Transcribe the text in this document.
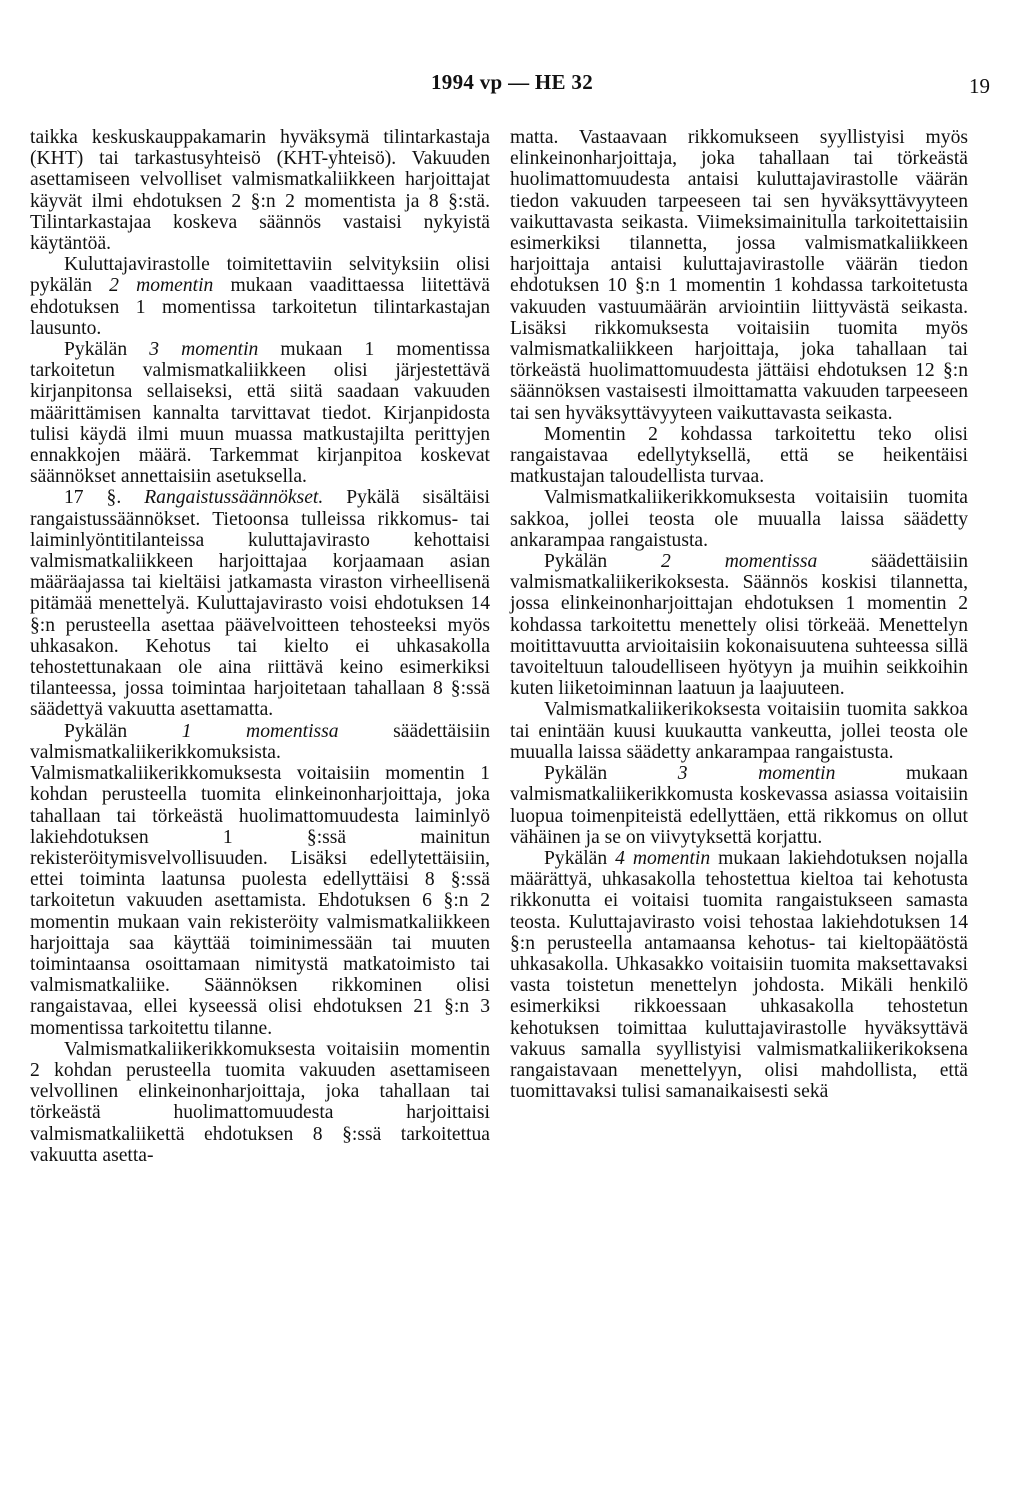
1994 vp — HE 32	19

taikka keskuskauppakamarin hyväksymä tilintarkastaja (KHT) tai tarkastusyhteisö (KHT-yhteisö). Vakuuden asettamiseen velvolliset valmismatkaliikkeen harjoittajat käyvät ilmi ehdotuksen 2 §:n 2 momentista ja 8 §:stä. Tilintarkastajaa koskeva säännös vastaisi nykyistä käytäntöä.

Kuluttajavirastolle toimitettaviin selvityksiin olisi pykälän 2 momentin mukaan vaadittaessa liitettävä ehdotuksen 1 momentissa tarkoitetun tilintarkastajan lausunto.

Pykälän 3 momentin mukaan 1 momentissa tarkoitetun valmismatkaliikkeen olisi järjestettävä kirjanpitonsa sellaiseksi, että siitä saadaan vakuuden määrittämisen kannalta tarvittavat tiedot. Kirjanpidosta tulisi käydä ilmi muun muassa matkustajilta perittyjen ennakkojen määrä. Tarkemmat kirjanpitoa koskevat säännökset annettaisiin asetuksella.

17 §. Rangaistussäännökset. Pykälä sisältäisi rangaistussäännökset. Tietoonsa tulleissa rikkomus- tai laiminlyöntitilanteissa kuluttajavirasto kehottaisi valmismatkaliikkeen harjoittajaa korjaamaan asian määräajassa tai kieltäisi jatkamasta viraston virheellisenä pitämää menettelyä. Kuluttajavirasto voisi ehdotuksen 14 §:n perusteella asettaa päävelvoitteen tehosteeksi myös uhkasakon. Kehotus tai kielto ei uhkasakolla tehostettunakaan ole aina riittävä keino esimerkiksi tilanteessa, jossa toimintaa harjoitetaan tahallaan 8 §:ssä säädettyä vakuutta asettamatta.

Pykälän 1 momentissa säädettäisiin valmismatkaliikerikkomuksista. Valmismatkaliikerikkomuksesta voitaisiin momentin 1 kohdan perusteella tuomita elinkeinonharjoittaja, joka tahallaan tai törkeästä huolimattomuudesta laiminlyö lakiehdotuksen 1 §:ssä mainitun rekisteröitymisvelvollisuuden. Lisäksi edellytettäisiin, ettei toiminta laatunsa puolesta edellyttäisi 8 §:ssä tarkoitetun vakuuden asettamista. Ehdotuksen 6 §:n 2 momentin mukaan vain rekisteröity valmismatkaliikkeen harjoittaja saa käyttää toiminimessään tai muuten toimintaansa osoittamaan nimitystä matkatoimisto tai valmismatkaliike. Säännöksen rikkominen olisi rangaistavaa, ellei kyseessä olisi ehdotuksen 21 §:n 3 momentissa tarkoitettu tilanne.

Valmismatkaliikerikkomuksesta voitaisiin momentin 2 kohdan perusteella tuomita vakuuden asettamiseen velvollinen elinkeinonharjoittaja, joka tahallaan tai törkeästä huolimattomuudesta harjoittaisi valmismatkaliikettä ehdotuksen 8 §:ssä tarkoitettua vakuutta asetta-

matta. Vastaavaan rikkomukseen syyllistyisi myös elinkeinonharjoittaja, joka tahallaan tai törkeästä huolimattomuudesta antaisi kuluttajavirastolle väärän tiedon vakuuden tarpeeseen tai sen hyväksyttävyyteen vaikuttavasta seikasta. Viimeksimainitulla tarkoitettaisiin esimerkiksi tilannetta, jossa valmismatkaliikkeen harjoittaja antaisi kuluttajavirastolle väärän tiedon ehdotuksen 10 §:n 1 momentin 1 kohdassa tarkoitetusta vakuuden vastuumäärän arviointiin liittyvästä seikasta. Lisäksi rikkomuksesta voitaisiin tuomita myös valmismatkaliikkeen harjoittaja, joka tahallaan tai törkeästä huolimattomuudesta jättäisi ehdotuksen 12 §:n säännöksen vastaisesti ilmoittamatta vakuuden tarpeeseen tai sen hyväksyttävyyteen vaikuttavasta seikasta.

Momentin 2 kohdassa tarkoitettu teko olisi rangaistavaa edellytyksellä, että se heikentäisi matkustajan taloudellista turvaa.

Valmismatkaliikerikkomuksesta voitaisiin tuomita sakkoa, jollei teosta ole muualla laissa säädetty ankarampaa rangaistusta.

Pykälän 2 momentissa säädettäisiin valmismatkaliikerikoksesta. Säännös koskisi tilannetta, jossa elinkeinonharjoittajan ehdotuksen 1 momentin 2 kohdassa tarkoitettu menettely olisi törkeää. Menettelyn moitittavuutta arvioitaisiin kokonaisuutena suhteessa sillä tavoiteltuun taloudelliseen hyötyyn ja muihin seikkoihin kuten liiketoiminnan laatuun ja laajuuteen.

Valmismatkaliikerikoksesta voitaisiin tuomita sakkoa tai enintään kuusi kuukautta vankeutta, jollei teosta ole muualla laissa säädetty ankarampaa rangaistusta.

Pykälän 3 momentin mukaan valmismatkaliikerikkomusta koskevassa asiassa voitaisiin luopua toimenpiteistä edellyttäen, että rikkomus on ollut vähäinen ja se on viivytyksettä korjattu.

Pykälän 4 momentin mukaan lakiehdotuksen nojalla määrättyä, uhkasakolla tehostettua kieltoa tai kehotusta rikkonutta ei voitaisi tuomita rangaistukseen samasta teosta. Kuluttajavirasto voisi tehostaa lakiehdotuksen 14 §:n perusteella antamaansa kehotus- tai kieltopäätöstä uhkasakolla. Uhkasakko voitaisiin tuomita maksettavaksi vasta toistetun menettelyn johdosta. Mikäli henkilö esimerkiksi rikkoessaan uhkasakolla tehostetun kehotuksen toimittaa kuluttajavirastolle hyväksyttävä vakuus samalla syyllistyisi valmismatkaliikerikoksena rangaistavaan menettelyyn, olisi mahdollista, että tuomittavaksi tulisi samanaikaisesti sekä
